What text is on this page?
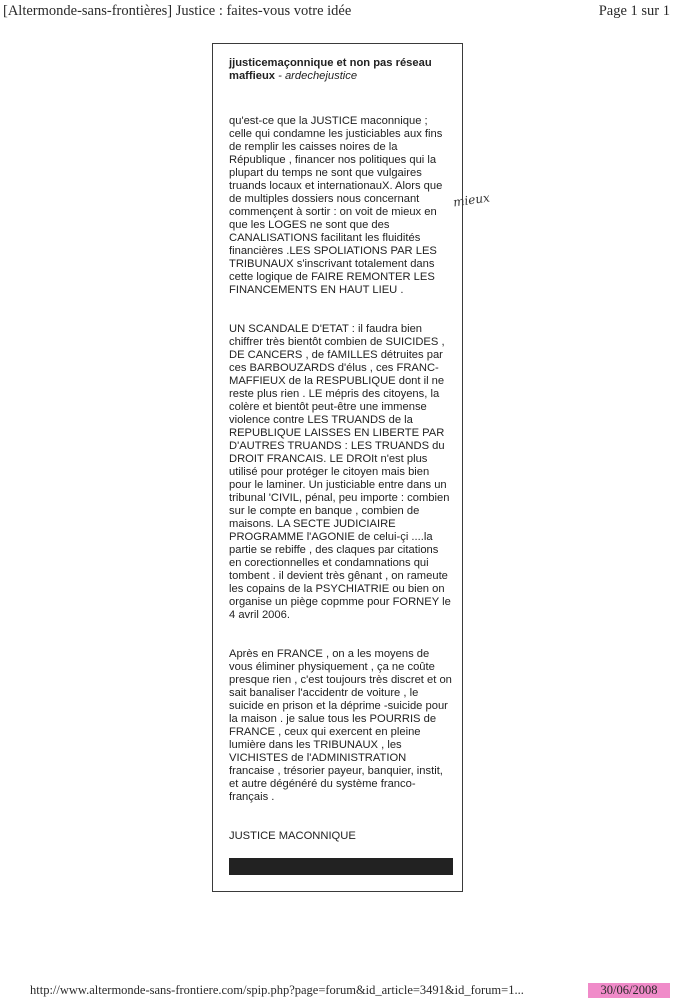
[Altermonde-sans-frontières] Justice : faites-vous votre idée	Page 1 sur 1

jjusticemaçonnique et non pas réseau maffieux - ardechejustice

qu'est-ce que la JUSTICE maconnique ; celle qui condamne les justiciables aux fins de remplir les caisses noires de la République , financer nos politiques qui la plupart du temps ne sont que vulgaires truands locaux et internationauX. Alors que de multiples dossiers nous concernant commençent à sortir : on voit de mieux en que les LOGES ne sont que des CANALISATIONS facilitant les fluidités financières .LES SPOLIATIONS PAR LES TRIBUNAUX s'inscrivant totalement dans cette logique de FAIRE REMONTER LES FINANCEMENTS EN HAUT LIEU .

UN SCANDALE D'ETAT : il faudra bien chiffrer très bientôt combien de SUICIDES , DE CANCERS , de fAMILLES détruites par ces BARBOUZARDS d'élus , ces FRANC-MAFFIEUX de la RESPUBLIQUE dont il ne reste plus rien . LE mépris des citoyens, la colère et bientôt peut-être une immense violence contre LES TRUANDS de la REPUBLIQUE LAISSES EN LIBERTE PAR D'AUTRES TRUANDS : LES TRUANDS du DROIT FRANCAIS. LE DROIt n'est plus utilisé pour protéger le citoyen mais bien pour le laminer. Un justiciable entre dans un tribunal 'CIVIL, pénal, peu importe : combien sur le compte en banque , combien de maisons. LA SECTE JUDICIAIRE PROGRAMME l'AGONIE de celui-çi ....la partie se rebiffe , des claques par citations en corectionnelles et condamnations qui tombent . il devient très gênant , on rameute les copains de la PSYCHIATRIE ou bien on organise un piège copmme pour FORNEY le 4 avril 2006.

Après en FRANCE , on a les moyens de vous éliminer physiquement , ça ne coûte presque rien , c'est toujours très discret et on sait banaliser l'accidentr de voiture , le suicide en prison et la déprime -suicide pour la maison . je salue tous les POURRIS de FRANCE , ceux qui exercent en pleine lumière dans les TRIBUNAUX , les VICHISTES de l'ADMINISTRATION francaise , trésorier payeur, banquier, instit, et autre dégénéré du système franco-français .

JUSTICE MACONNIQUE

mieux
http://www.altermonde-sans-frontiere.com/spip.php?page=forum&id_article=3491&id_forum=1...	30/06/2008
